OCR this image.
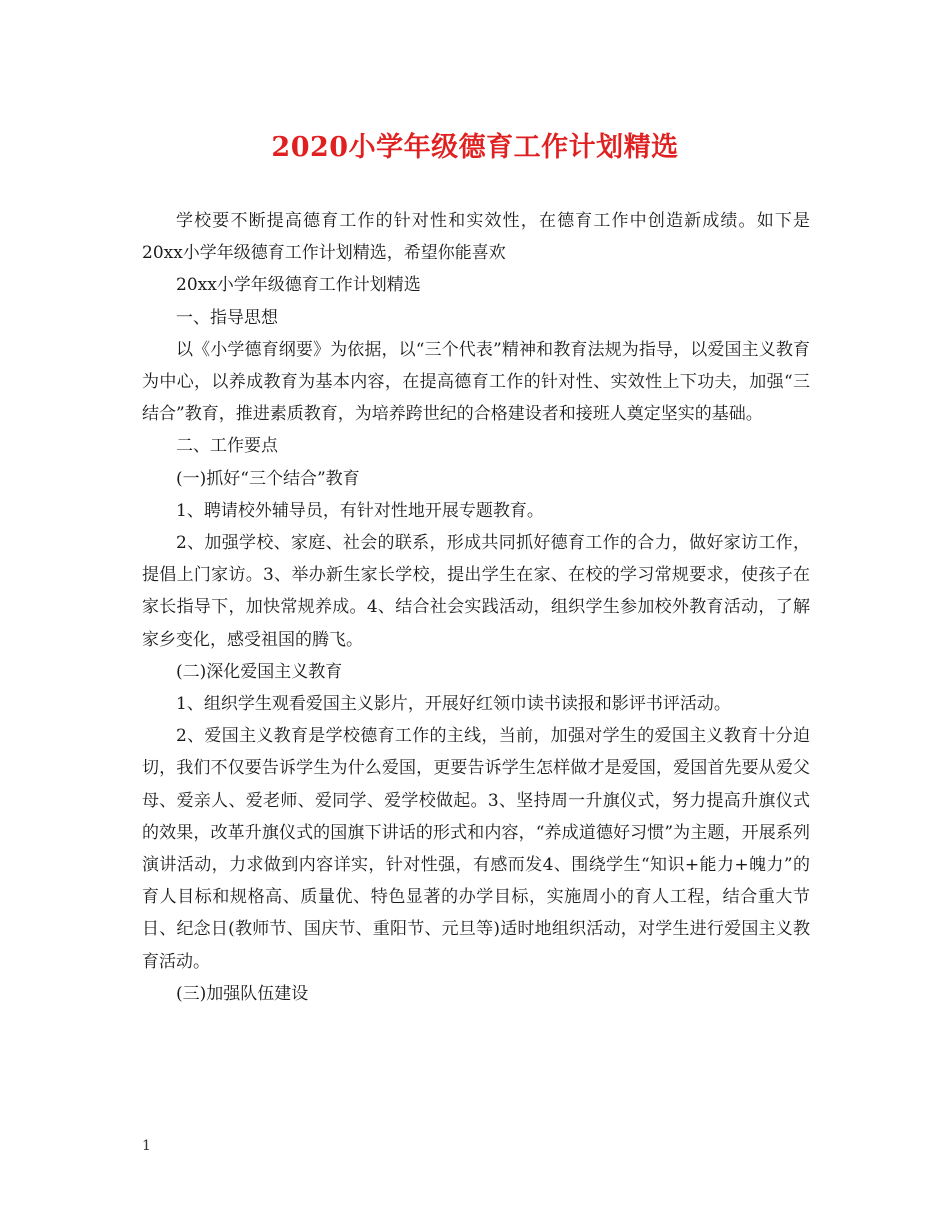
2020小学年级德育工作计划精选

学校要不断提高德育工作的针对性和实效性，在德育工作中创造新成绩。如下是20xx小学年级德育工作计划精选，希望你能喜欢

20xx小学年级德育工作计划精选

一、指导思想

以《小学德育纲要》为依据，以“三个代表”精神和教育法规为指导，以爱国主义教育为中心，以养成教育为基本内容，在提高德育工作的针对性、实效性上下功夫，加强“三结合”教育，推进素质教育，为培养跨世纪的合格建设者和接班人奠定坚实的基础。

二、工作要点

(一)抓好“三个结合”教育

1、聘请校外辅导员，有针对性地开展专题教育。

2、加强学校、家庭、社会的联系，形成共同抓好德育工作的合力，做好家访工作，提倡上门家访。3、举办新生家长学校，提出学生在家、在校的学习常规要求，使孩子在家长指导下，加快常规养成。4、结合社会实践活动，组织学生参加校外教育活动，了解家乡变化，感受祖国的腾飞。

(二)深化爱国主义教育

1、组织学生观看爱国主义影片，开展好红领巾读书读报和影评书评活动。

2、爱国主义教育是学校德育工作的主线，当前，加强对学生的爱国主义教育十分迫切，我们不仅要告诉学生为什么爱国，更要告诉学生怎样做才是爱国，爱国首先要从爱父母、爱亲人、爱老师、爱同学、爱学校做起。3、坚持周一升旗仪式，努力提高升旗仪式的效果，改革升旗仪式的国旗下讲话的形式和内容，“养成道德好习惯”为主题，开展系列演讲活动，力求做到内容详实，针对性强，有感而发4、围绕学生“知识+能力+魄力”的育人目标和规格高、质量优、特色显著的办学目标，实施周小的育人工程，结合重大节日、纪念日(教师节、国庆节、重阳节、元旦等)适时地组织活动，对学生进行爱国主义教育活动。

(三)加强队伍建设

1
